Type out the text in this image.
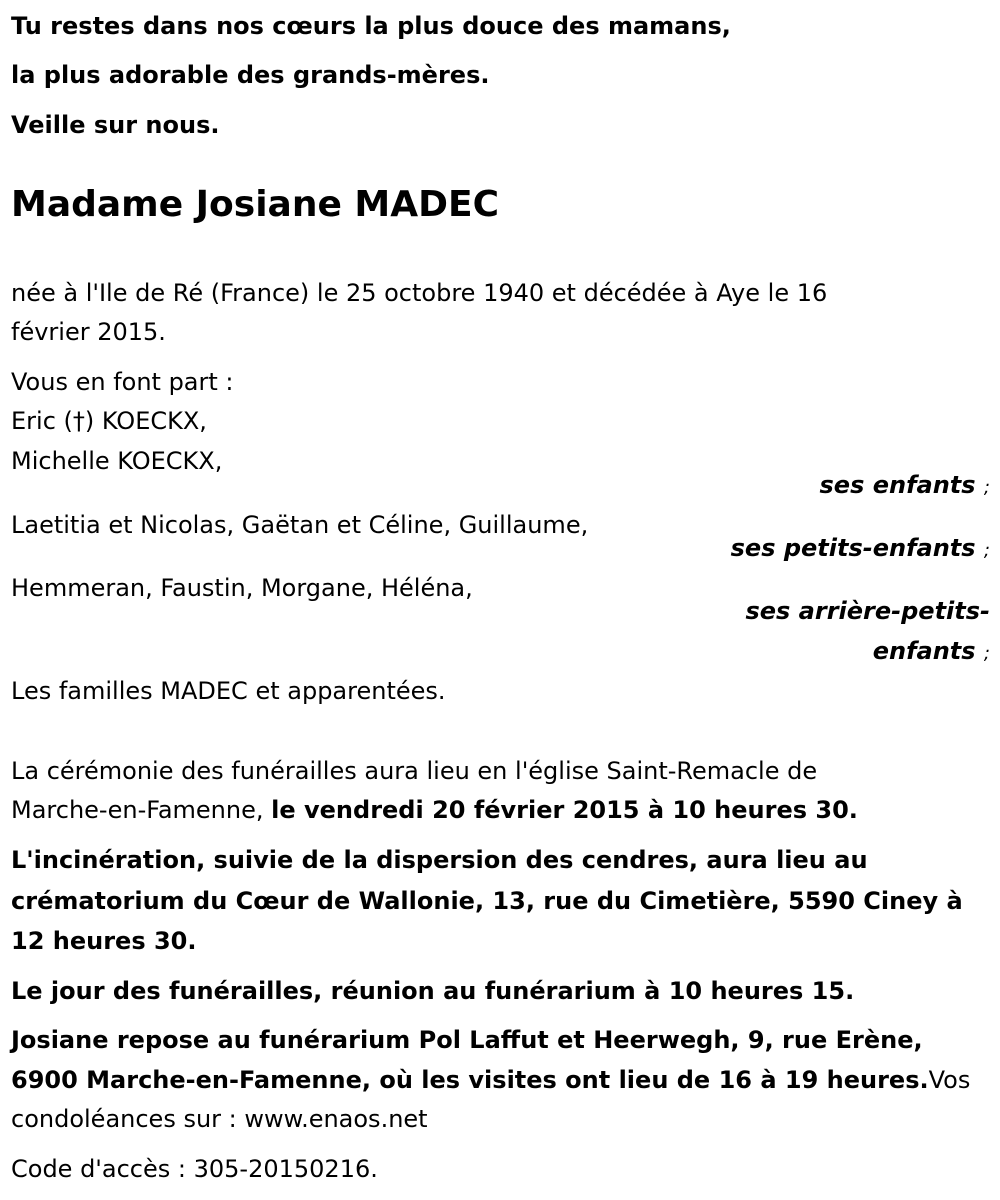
Tu restes dans nos cœurs la plus douce des mamans,
la plus adorable des grands-mères.
Veille sur nous.
Madame Josiane MADEC
née à l'Ile de Ré (France) le 25 octobre 1940 et décédée à Aye le 16
février 2015.
Vous en font part :
Eric (†) KOECKX,
Michelle KOECKX,
ses enfants ;
Laetitia et Nicolas, Gaëtan et Céline, Guillaume,
ses petits-enfants ;
Hemmeran, Faustin, Morgane, Héléna,
ses arrière-petits-
enfants ;
Les familles MADEC et apparentées.
La cérémonie des funérailles aura lieu en l'église Saint-Remacle de
Marche-en-Famenne, le vendredi 20 février 2015 à 10 heures 30.
L'incinération, suivie de la dispersion des cendres, aura lieu au
crématorium du Cœur de Wallonie, 13, rue du Cimetière, 5590 Ciney à
12 heures 30.
Le jour des funérailles, réunion au funérarium à 10 heures 15.
Josiane repose au funérarium Pol Laffut et Heerwegh, 9, rue Erène,
6900 Marche-en-Famenne, où les visites ont lieu de 16 à 19 heures.Vos
condoléances sur : www.enaos.net
Code d'accès : 305-20150216.
